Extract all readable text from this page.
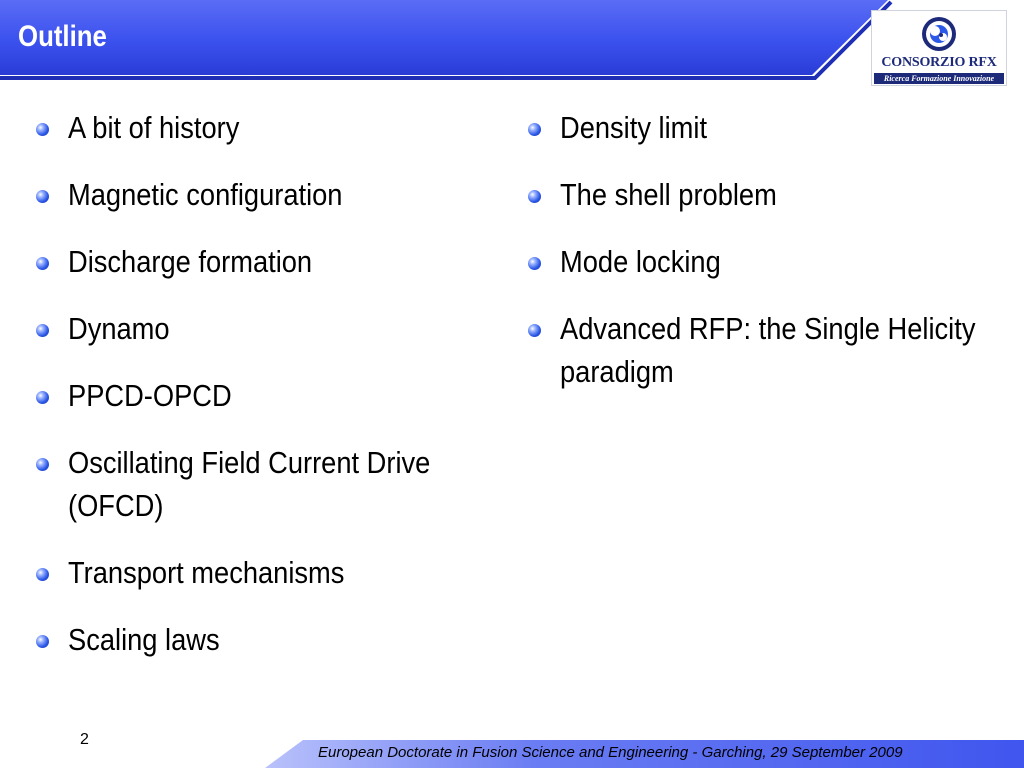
Outline
CONSORZIO RFX
Ricerca Formazione Innovazione
A bit of history
Magnetic configuration
Discharge formation
Dynamo
PPCD-OPCD
Oscillating Field Current Drive (OFCD)
Transport mechanisms
Scaling laws
Density limit
The shell problem
Mode locking
Advanced RFP: the Single Helicity paradigm
2
European Doctorate in Fusion Science and Engineering - Garching, 29 September 2009
